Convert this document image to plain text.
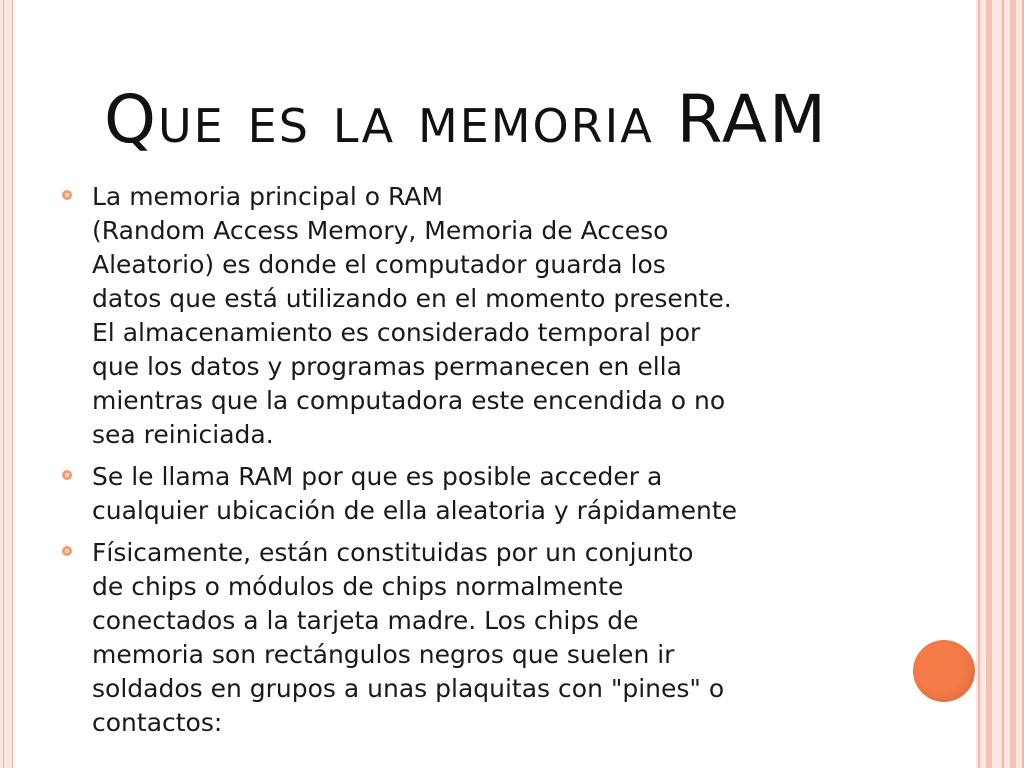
Que es la memoria RAM
La memoria principal o RAM
(Random Access Memory, Memoria de Acceso
Aleatorio) es donde el computador guarda los
datos que está utilizando en el momento presente.
El almacenamiento es considerado temporal por
que los datos y programas permanecen en ella
mientras que la computadora este encendida o no
sea reiniciada.
Se le llama RAM por que es posible acceder a
cualquier ubicación de ella aleatoria y rápidamente
Físicamente, están constituidas por un conjunto
de chips o módulos de chips normalmente
conectados a la tarjeta madre. Los chips de
memoria son rectángulos negros que suelen ir
soldados en grupos a unas plaquitas con "pines" o
contactos:
